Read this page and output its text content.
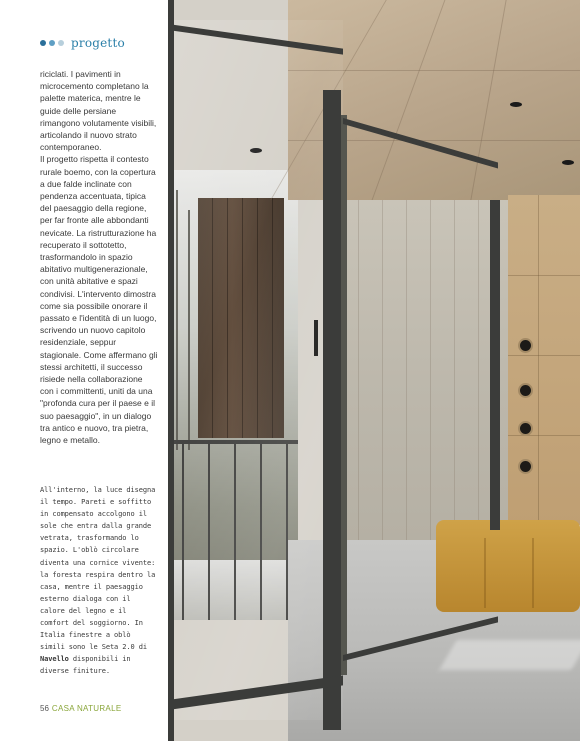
progetto

riciclati. I pavimenti in microcemento completano la palette materica, mentre le guide delle persiane rimangono volutamente visibili, articolando il nuovo strato contemporaneo.

Il progetto rispetta il contesto rurale boemo, con la copertura a due falde inclinate con pendenza accentuata, tipica del paesaggio della regione, per far fronte alle abbondanti nevicate. La ristrutturazione ha recuperato il sottotetto, trasformandolo in spazio abitativo multigenerazionale, con unità abitative e spazi condivisi. L'intervento dimostra come sia possibile onorare il passato e l'identità di un luogo, scrivendo un nuovo capitolo residenziale, seppur stagionale. Come affermano gli stessi architetti, il successo risiede nella collaborazione con i committenti, uniti da una "profonda cura per il paese e il suo paesaggio", in un dialogo tra antico e nuovo, tra pietra, legno e metallo.

All'interno, la luce disegna il tempo. Pareti e soffitto in compensato accolgono il sole che entra dalla grande vetrata, trasformando lo spazio. L'oblò circolare diventa una cornice vivente: la foresta respira dentro la casa, mentre il paesaggio esterno dialoga con il calore del legno e il comfort del soggiorno. In Italia finestre a oblò simili sono le Seta 2.0 di Navello disponibili in diverse finiture.
56 CASA NATURALE
